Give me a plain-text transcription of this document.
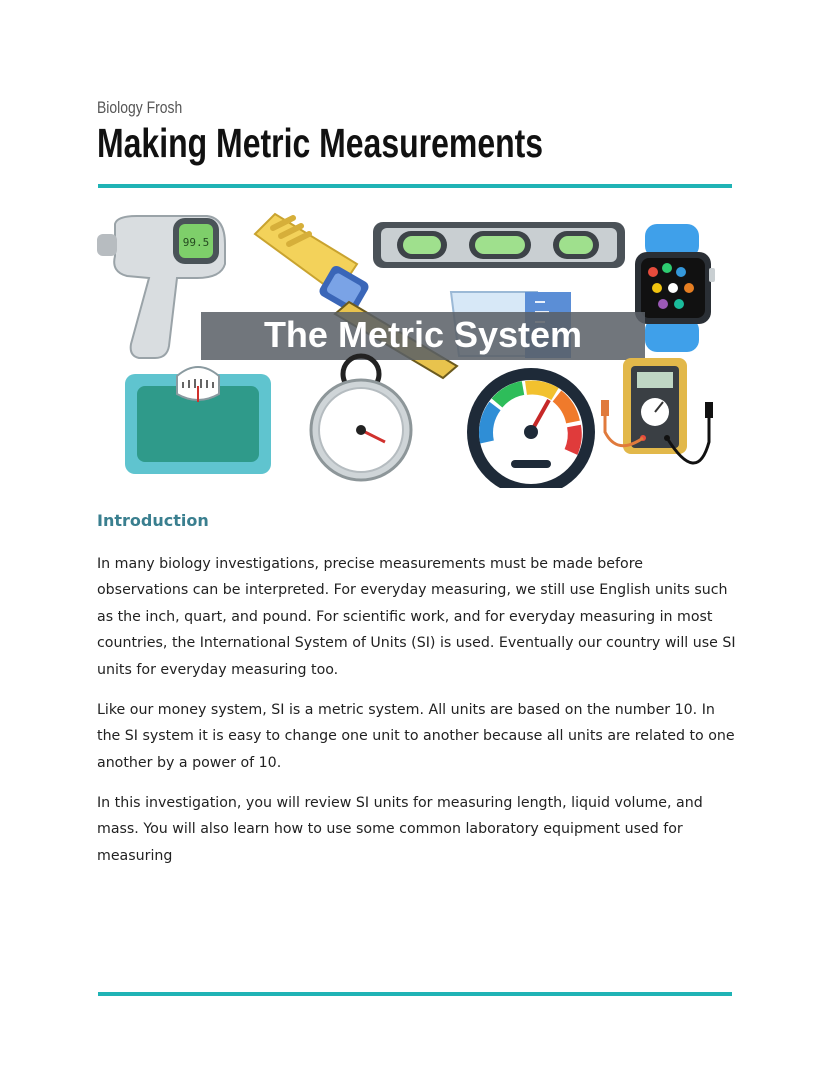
Biology Frosh
Making Metric Measurements
99.5
The Metric System
Introduction

In many biology investigations, precise measurements must be made before observations can be interpreted. For everyday measuring, we still use English units such as the inch, quart, and pound. For scientific work, and for everyday measuring in most countries, the International System of Units (SI) is used. Eventually our country will use SI units for everyday measuring too.

Like our money system, SI is a metric system. All units are based on the number 10. In the SI system it is easy to change one unit to another because all units are related to one another by a power of 10.

In this investigation, you will review SI units for measuring length, liquid volume, and mass. You will also learn how to use some common laboratory equipment used for measuring
